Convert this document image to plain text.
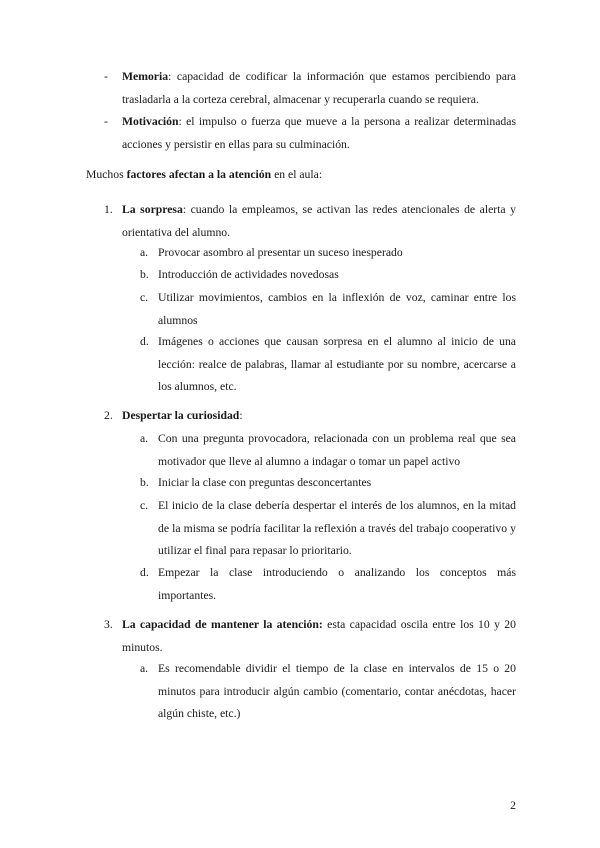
- Memoria: capacidad de codificar la información que estamos percibiendo para trasladarla a la corteza cerebral, almacenar y recuperarla cuando se requiera.

- Motivación: el impulso o fuerza que mueve a la persona a realizar determinadas acciones y persistir en ellas para su culminación.

Muchos factores afectan a la atención en el aula:

1. La sorpresa: cuando la empleamos, se activan las redes atencionales de alerta y orientativa del alumno.

a. Provocar asombro al presentar un suceso inesperado

b. Introducción de actividades novedosas

c. Utilizar movimientos, cambios en la inflexión de voz, caminar entre los alumnos

d. Imágenes o acciones que causan sorpresa en el alumno al inicio de una lección: realce de palabras, llamar al estudiante por su nombre, acercarse a los alumnos, etc.

2. Despertar la curiosidad:

a. Con una pregunta provocadora, relacionada con un problema real que sea motivador que lleve al alumno a indagar o tomar un papel activo

b. Iniciar la clase con preguntas desconcertantes

c. El inicio de la clase debería despertar el interés de los alumnos, en la mitad de la misma se podría facilitar la reflexión a través del trabajo cooperativo y utilizar el final para repasar lo prioritario.

d. Empezar la clase introduciendo o analizando los conceptos más importantes.

3. La capacidad de mantener la atención: esta capacidad oscila entre los 10 y 20 minutos.

a. Es recomendable dividir el tiempo de la clase en intervalos de 15 o 20 minutos para introducir algún cambio (comentario, contar anécdotas, hacer algún chiste, etc.)

2
